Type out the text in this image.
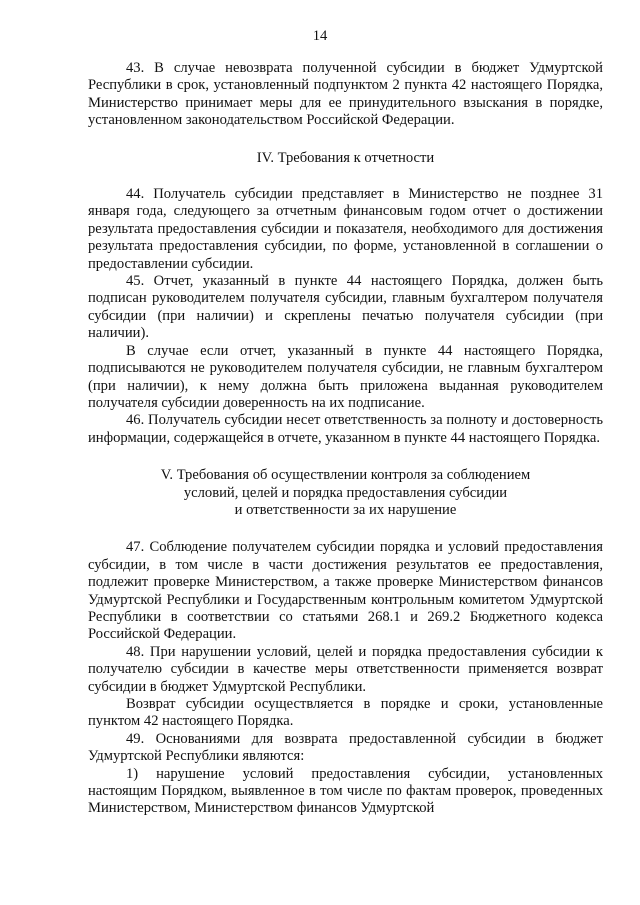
14

43. В случае невозврата полученной субсидии в бюджет Удмуртской Республики в срок, установленный подпунктом 2 пункта 42 настоящего Порядка, Министерство принимает меры для ее принудительного взыскания в порядке, установленном законодательством Российской Федерации.

IV. Требования к отчетности

44. Получатель субсидии представляет в Министерство не позднее 31 января года, следующего за отчетным финансовым годом отчет о достижении результата предоставления субсидии и показателя, необходимого для достижения результата предоставления субсидии, по форме, установленной в соглашении о предоставлении субсидии.

45. Отчет, указанный в пункте 44 настоящего Порядка, должен быть подписан руководителем получателя субсидии, главным бухгалтером получателя субсидии (при наличии) и скреплены печатью получателя субсидии (при наличии).

В случае если отчет, указанный в пункте 44 настоящего Порядка, подписываются не руководителем получателя субсидии, не главным бухгалтером (при наличии), к нему должна быть приложена выданная руководителем получателя субсидии доверенность на их подписание.

46. Получатель субсидии несет ответственность за полноту и достоверность информации, содержащейся в отчете, указанном в пункте 44 настоящего Порядка.

V. Требования об осуществлении контроля за соблюдением
условий, целей и порядка предоставления субсидии
и ответственности за их нарушение

47. Соблюдение получателем субсидии порядка и условий предоставления субсидии, в том числе в части достижения результатов ее предоставления, подлежит проверке Министерством, а также проверке Министерством финансов Удмуртской Республики и Государственным контрольным комитетом Удмуртской Республики в соответствии со статьями 268.1 и 269.2 Бюджетного кодекса Российской Федерации.

48. При нарушении условий, целей и порядка предоставления субсидии к получателю субсидии в качестве меры ответственности применяется возврат субсидии в бюджет Удмуртской Республики.

Возврат субсидии осуществляется в порядке и сроки, установленные пунктом 42 настоящего Порядка.

49. Основаниями для возврата предоставленной субсидии в бюджет Удмуртской Республики являются:

1) нарушение условий предоставления субсидии, установленных настоящим Порядком, выявленное в том числе по фактам проверок, проведенных Министерством, Министерством финансов Удмуртской
